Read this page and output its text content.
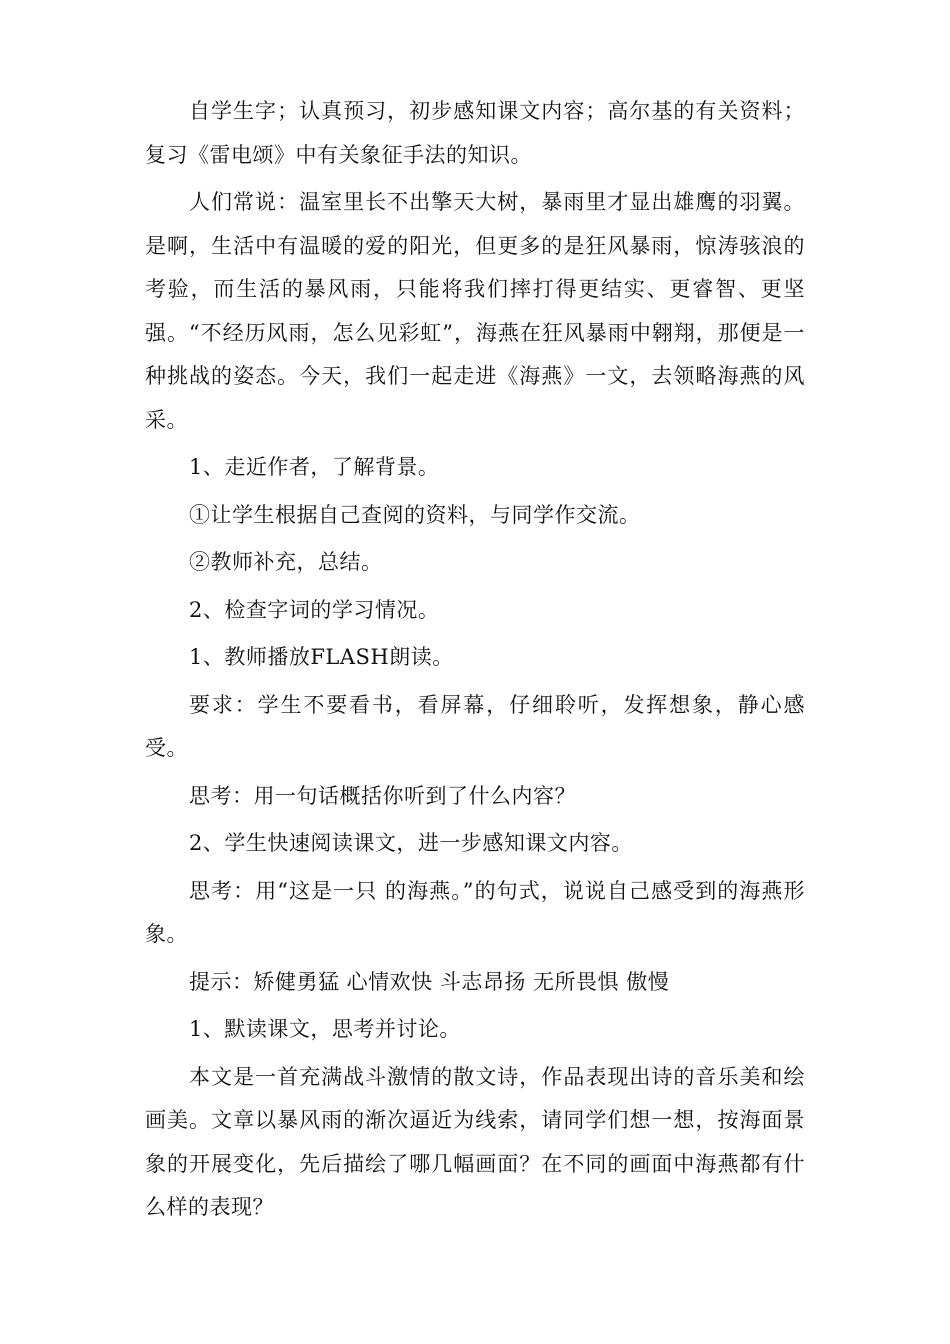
自学生字；认真预习，初步感知课文内容；高尔基的有关资料；复习《雷电颂》中有关象征手法的知识。

人们常说：温室里长不出擎天大树，暴雨里才显出雄鹰的羽翼。是啊，生活中有温暖的爱的阳光，但更多的是狂风暴雨，惊涛骇浪的考验，而生活的暴风雨，只能将我们摔打得更结实、更睿智、更坚强。“不经历风雨，怎么见彩虹”，海燕在狂风暴雨中翱翔，那便是一种挑战的姿态。今天，我们一起走进《海燕》一文，去领略海燕的风采。

1、走近作者，了解背景。

①让学生根据自己查阅的资料，与同学作交流。

②教师补充，总结。

2、检查字词的学习情况。

1、教师播放FLASH朗读。

要求：学生不要看书，看屏幕，仔细聆听，发挥想象，静心感受。

思考：用一句话概括你听到了什么内容？

2、学生快速阅读课文，进一步感知课文内容。

思考：用“这是一只 的海燕。”的句式，说说自己感受到的海燕形象。

提示：矫健勇猛 心情欢快 斗志昂扬 无所畏惧 傲慢

1、默读课文，思考并讨论。

本文是一首充满战斗激情的散文诗，作品表现出诗的音乐美和绘画美。文章以暴风雨的渐次逼近为线索，请同学们想一想，按海面景象的开展变化，先后描绘了哪几幅画面？在不同的画面中海燕都有什么样的表现？
